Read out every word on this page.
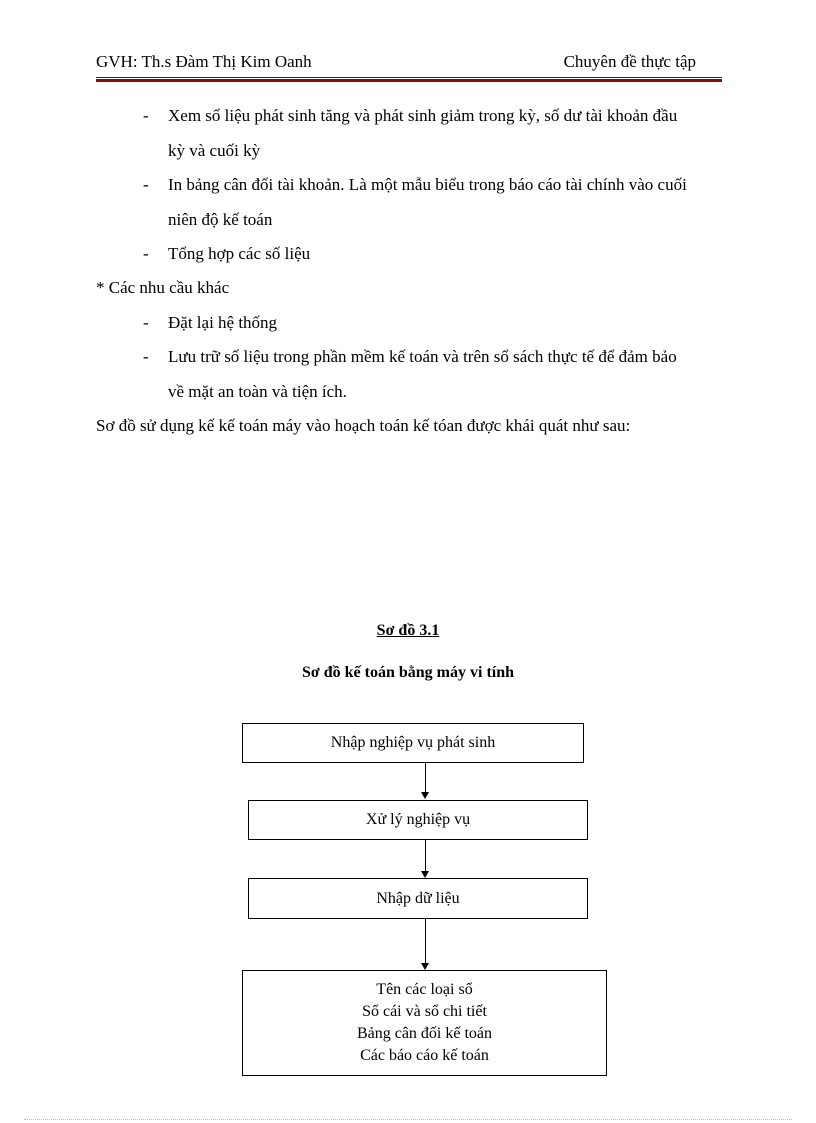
GVH: Th.s Đàm Thị Kim Oanh	Chuyên đề thực tập
- Xem số liệu phát sinh tăng và phát sinh giảm trong kỳ, số dư tài khoản đầu
kỳ và cuối kỳ
- In bảng cân đối tài khoản. Là một mẫu biểu trong báo cáo tài chính vào cuối
niên độ kế toán
- Tổng hợp các số liệu
* Các nhu cầu khác
- Đặt lại hệ thống
- Lưu trữ số liệu trong phần mềm kế toán và trên sổ sách thực tế để đảm bảo
về mặt an toàn và tiện ích.
Sơ đồ sử dụng kế kế toán máy vào hoạch toán kế tóan được khái quát như sau:
Sơ đồ 3.1
Sơ đồ kế toán bằng máy vi tính
Nhập nghiệp vụ phát sinh
Xử lý nghiệp vụ
Nhập dữ liệu
Tên các loại sổ
Sổ cái và sổ chi tiết
Bảng cân đối kế toán
Các báo cáo kế toán
